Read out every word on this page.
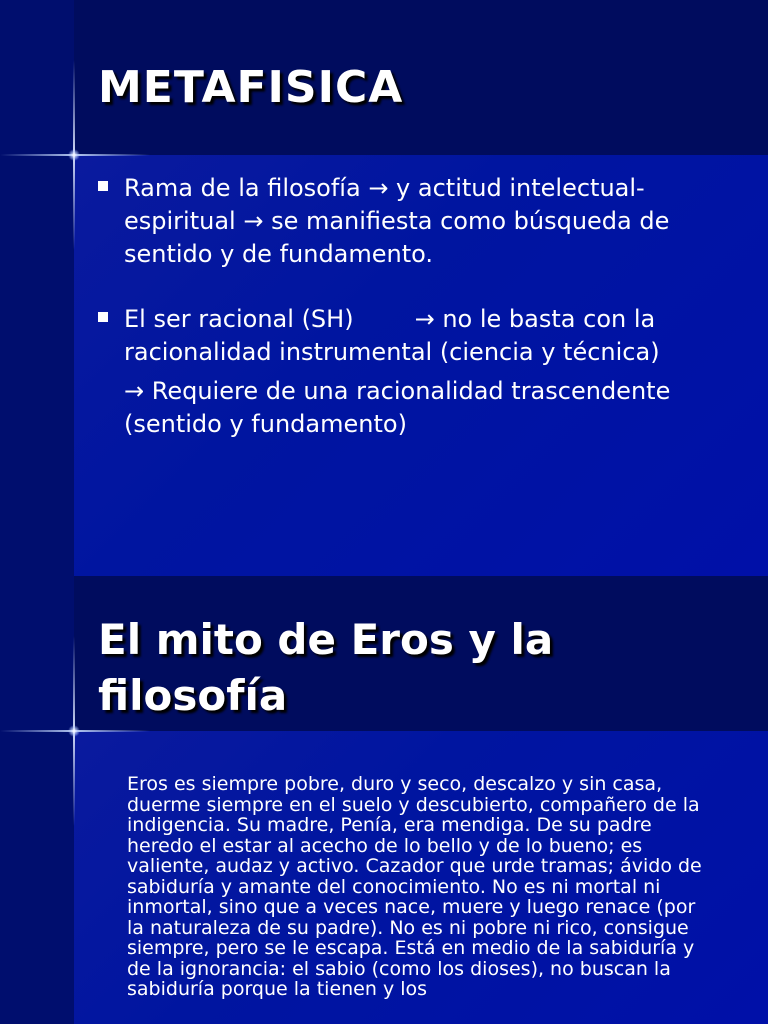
METAFISICA
Rama de la filosofía → y actitud intelectual-espiritual → se manifiesta como búsqueda de sentido y de fundamento.
El ser racional (SH)        → no le basta con la racionalidad instrumental (ciencia y técnica)
→ Requiere de una racionalidad trascendente (sentido y fundamento)
El mito de Eros y la filosofía

Eros es siempre pobre, duro y seco, descalzo y sin casa, duerme siempre en el suelo y descubierto, compañero de la indigencia. Su madre, Penía, era mendiga. De su padre heredo el estar al acecho de lo bello y de lo bueno; es valiente, audaz y activo. Cazador que urde tramas; ávido de sabiduría y amante del conocimiento. No es ni mortal ni inmortal, sino que a veces nace, muere y luego renace (por la naturaleza de su padre). No es ni pobre ni rico, consigue siempre, pero se le escapa. Está en medio de la sabiduría y de la ignorancia: el sabio (como los dioses), no buscan la sabiduría porque la tienen y los
